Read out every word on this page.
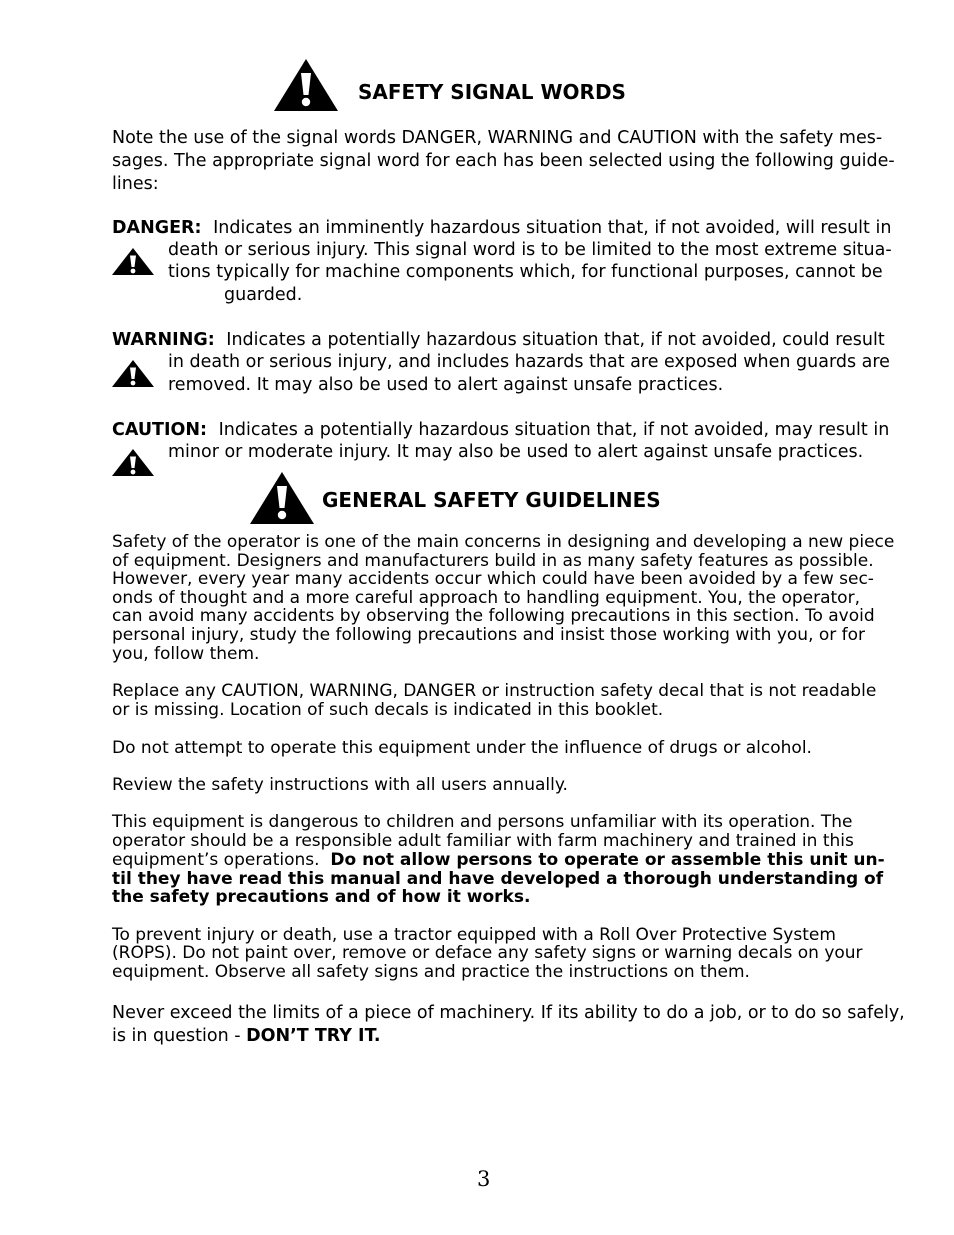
SAFETY SIGNAL WORDS
Note the use of the signal words DANGER, WARNING and CAUTION with the safety mes-
sages. The appropriate signal word for each has been selected using the following guide-
lines:
DANGER: Indicates an imminently hazardous situation that, if not avoided, will result in
death or serious injury. This signal word is to be limited to the most extreme situa-
tions typically for machine components which, for functional purposes, cannot be
guarded.
WARNING: Indicates a potentially hazardous situation that, if not avoided, could result
in death or serious injury, and includes hazards that are exposed when guards are
removed. It may also be used to alert against unsafe practices.
CAUTION: Indicates a potentially hazardous situation that, if not avoided, may result in
minor or moderate injury. It may also be used to alert against unsafe practices.
GENERAL SAFETY GUIDELINES
Safety of the operator is one of the main concerns in designing and developing a new piece
of equipment. Designers and manufacturers build in as many safety features as possible.
However, every year many accidents occur which could have been avoided by a few sec-
onds of thought and a more careful approach to handling equipment. You, the operator,
can avoid many accidents by observing the following precautions in this section. To avoid
personal injury, study the following precautions and insist those working with you, or for
you, follow them.
Replace any CAUTION, WARNING, DANGER or instruction safety decal that is not readable
or is missing. Location of such decals is indicated in this booklet.
Do not attempt to operate this equipment under the influence of drugs or alcohol.
Review the safety instructions with all users annually.
This equipment is dangerous to children and persons unfamiliar with its operation. The
operator should be a responsible adult familiar with farm machinery and trained in this
equipment’s operations.  Do not allow persons to operate or assemble this unit un-
til they have read this manual and have developed a thorough understanding of
the safety precautions and of how it works.
To prevent injury or death, use a tractor equipped with a Roll Over Protective System
(ROPS). Do not paint over, remove or deface any safety signs or warning decals on your
equipment. Observe all safety signs and practice the instructions on them.
Never exceed the limits of a piece of machinery. If its ability to do a job, or to do so safely,
is in question - DON’T TRY IT.
3
